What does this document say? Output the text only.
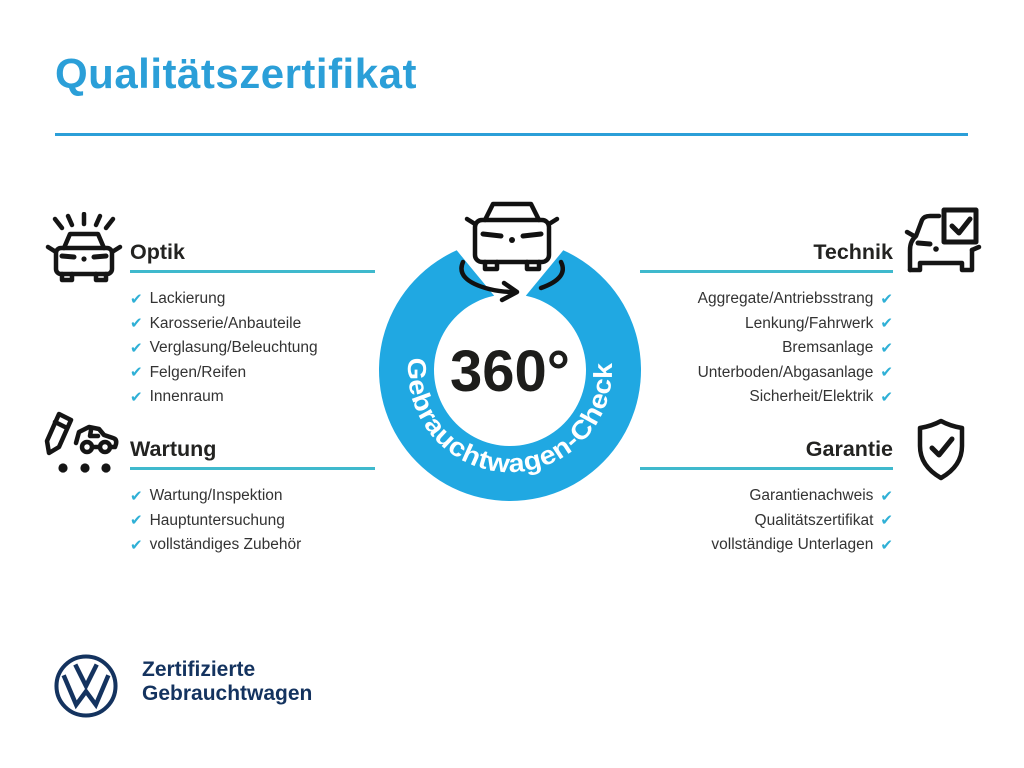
Qualitätszertifikat
Optik
✔ Lackierung
✔ Karosserie/Anbauteile
✔ Verglasung/Beleuchtung
✔ Felgen/Reifen
✔ Innenraum
Technik
Aggregate/Antriebsstrang ✔
Lenkung/Fahrwerk ✔
Bremsanlage ✔
Unterboden/Abgasanlage ✔
Sicherheit/Elektrik ✔
Wartung
✔ Wartung/Inspektion
✔ Hauptuntersuchung
✔ vollständiges Zubehör
Garantie
Garantienachweis ✔
Qualitätszertifikat ✔
vollständige Unterlagen ✔
Gebrauchtwagen-Check
360°
Zertifizierte
Gebrauchtwagen
